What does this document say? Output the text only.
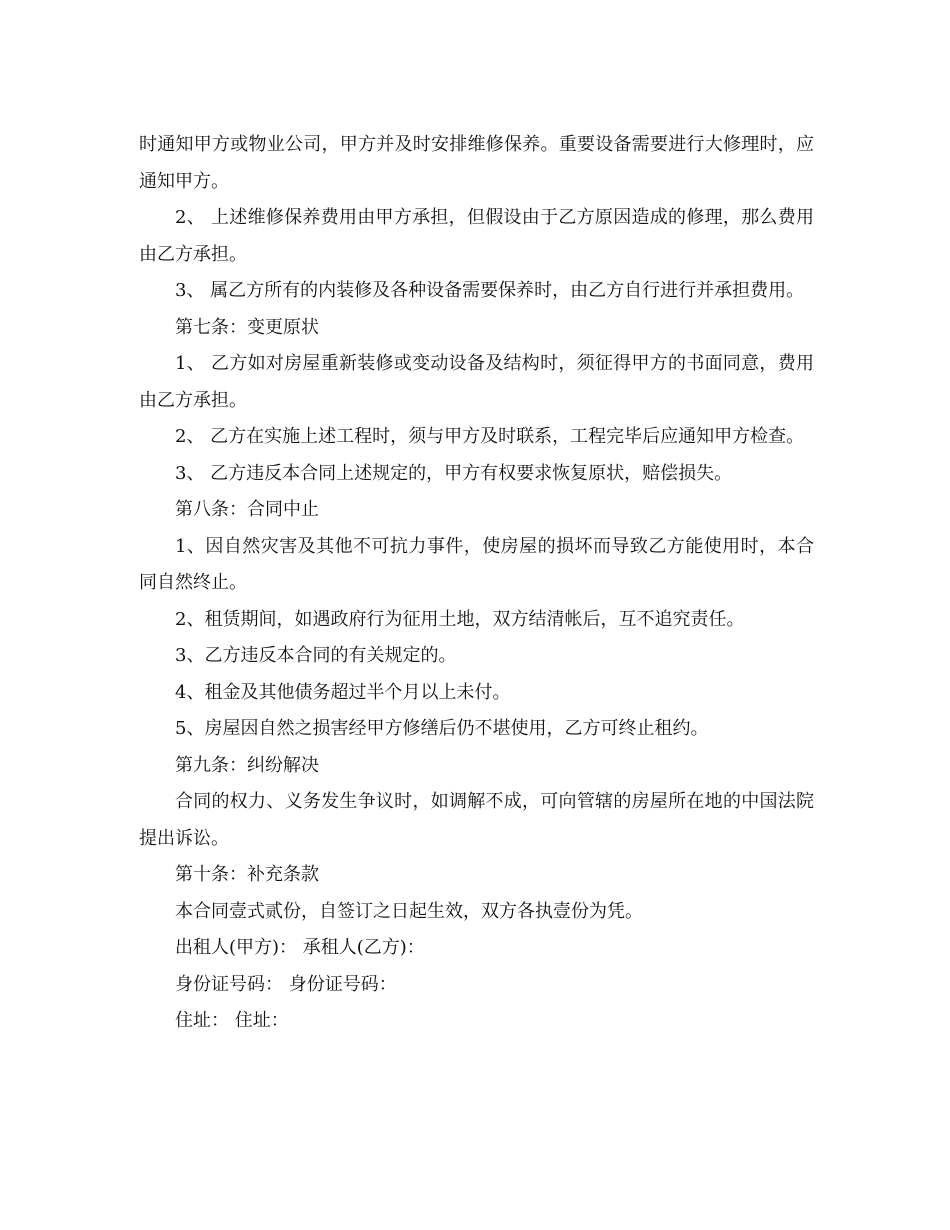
时通知甲方或物业公司，甲方并及时安排维修保养。重要设备需要进行大修理时，应通知甲方。

2、 上述维修保养费用由甲方承担，但假设由于乙方原因造成的修理，那么费用由乙方承担。

3、 属乙方所有的内装修及各种设备需要保养时，由乙方自行进行并承担费用。

第七条：变更原状

1、 乙方如对房屋重新装修或变动设备及结构时，须征得甲方的书面同意，费用由乙方承担。

2、 乙方在实施上述工程时，须与甲方及时联系，工程完毕后应通知甲方检查。

3、 乙方违反本合同上述规定的，甲方有权要求恢复原状，赔偿损失。

第八条：合同中止

1、因自然灾害及其他不可抗力事件，使房屋的损坏而导致乙方能使用时，本合同自然终止。

2、租赁期间，如遇政府行为征用土地，双方结清帐后，互不追究责任。

3、乙方违反本合同的有关规定的。

4、租金及其他债务超过半个月以上未付。

5、房屋因自然之损害经甲方修缮后仍不堪使用，乙方可终止租约。

第九条：纠纷解决

合同的权力、义务发生争议时，如调解不成，可向管辖的房屋所在地的中国法院提出诉讼。

第十条：补充条款

本合同壹式贰份，自签订之日起生效，双方各执壹份为凭。

出租人(甲方)： 承租人(乙方)：

身份证号码： 身份证号码：

住址： 住址：
